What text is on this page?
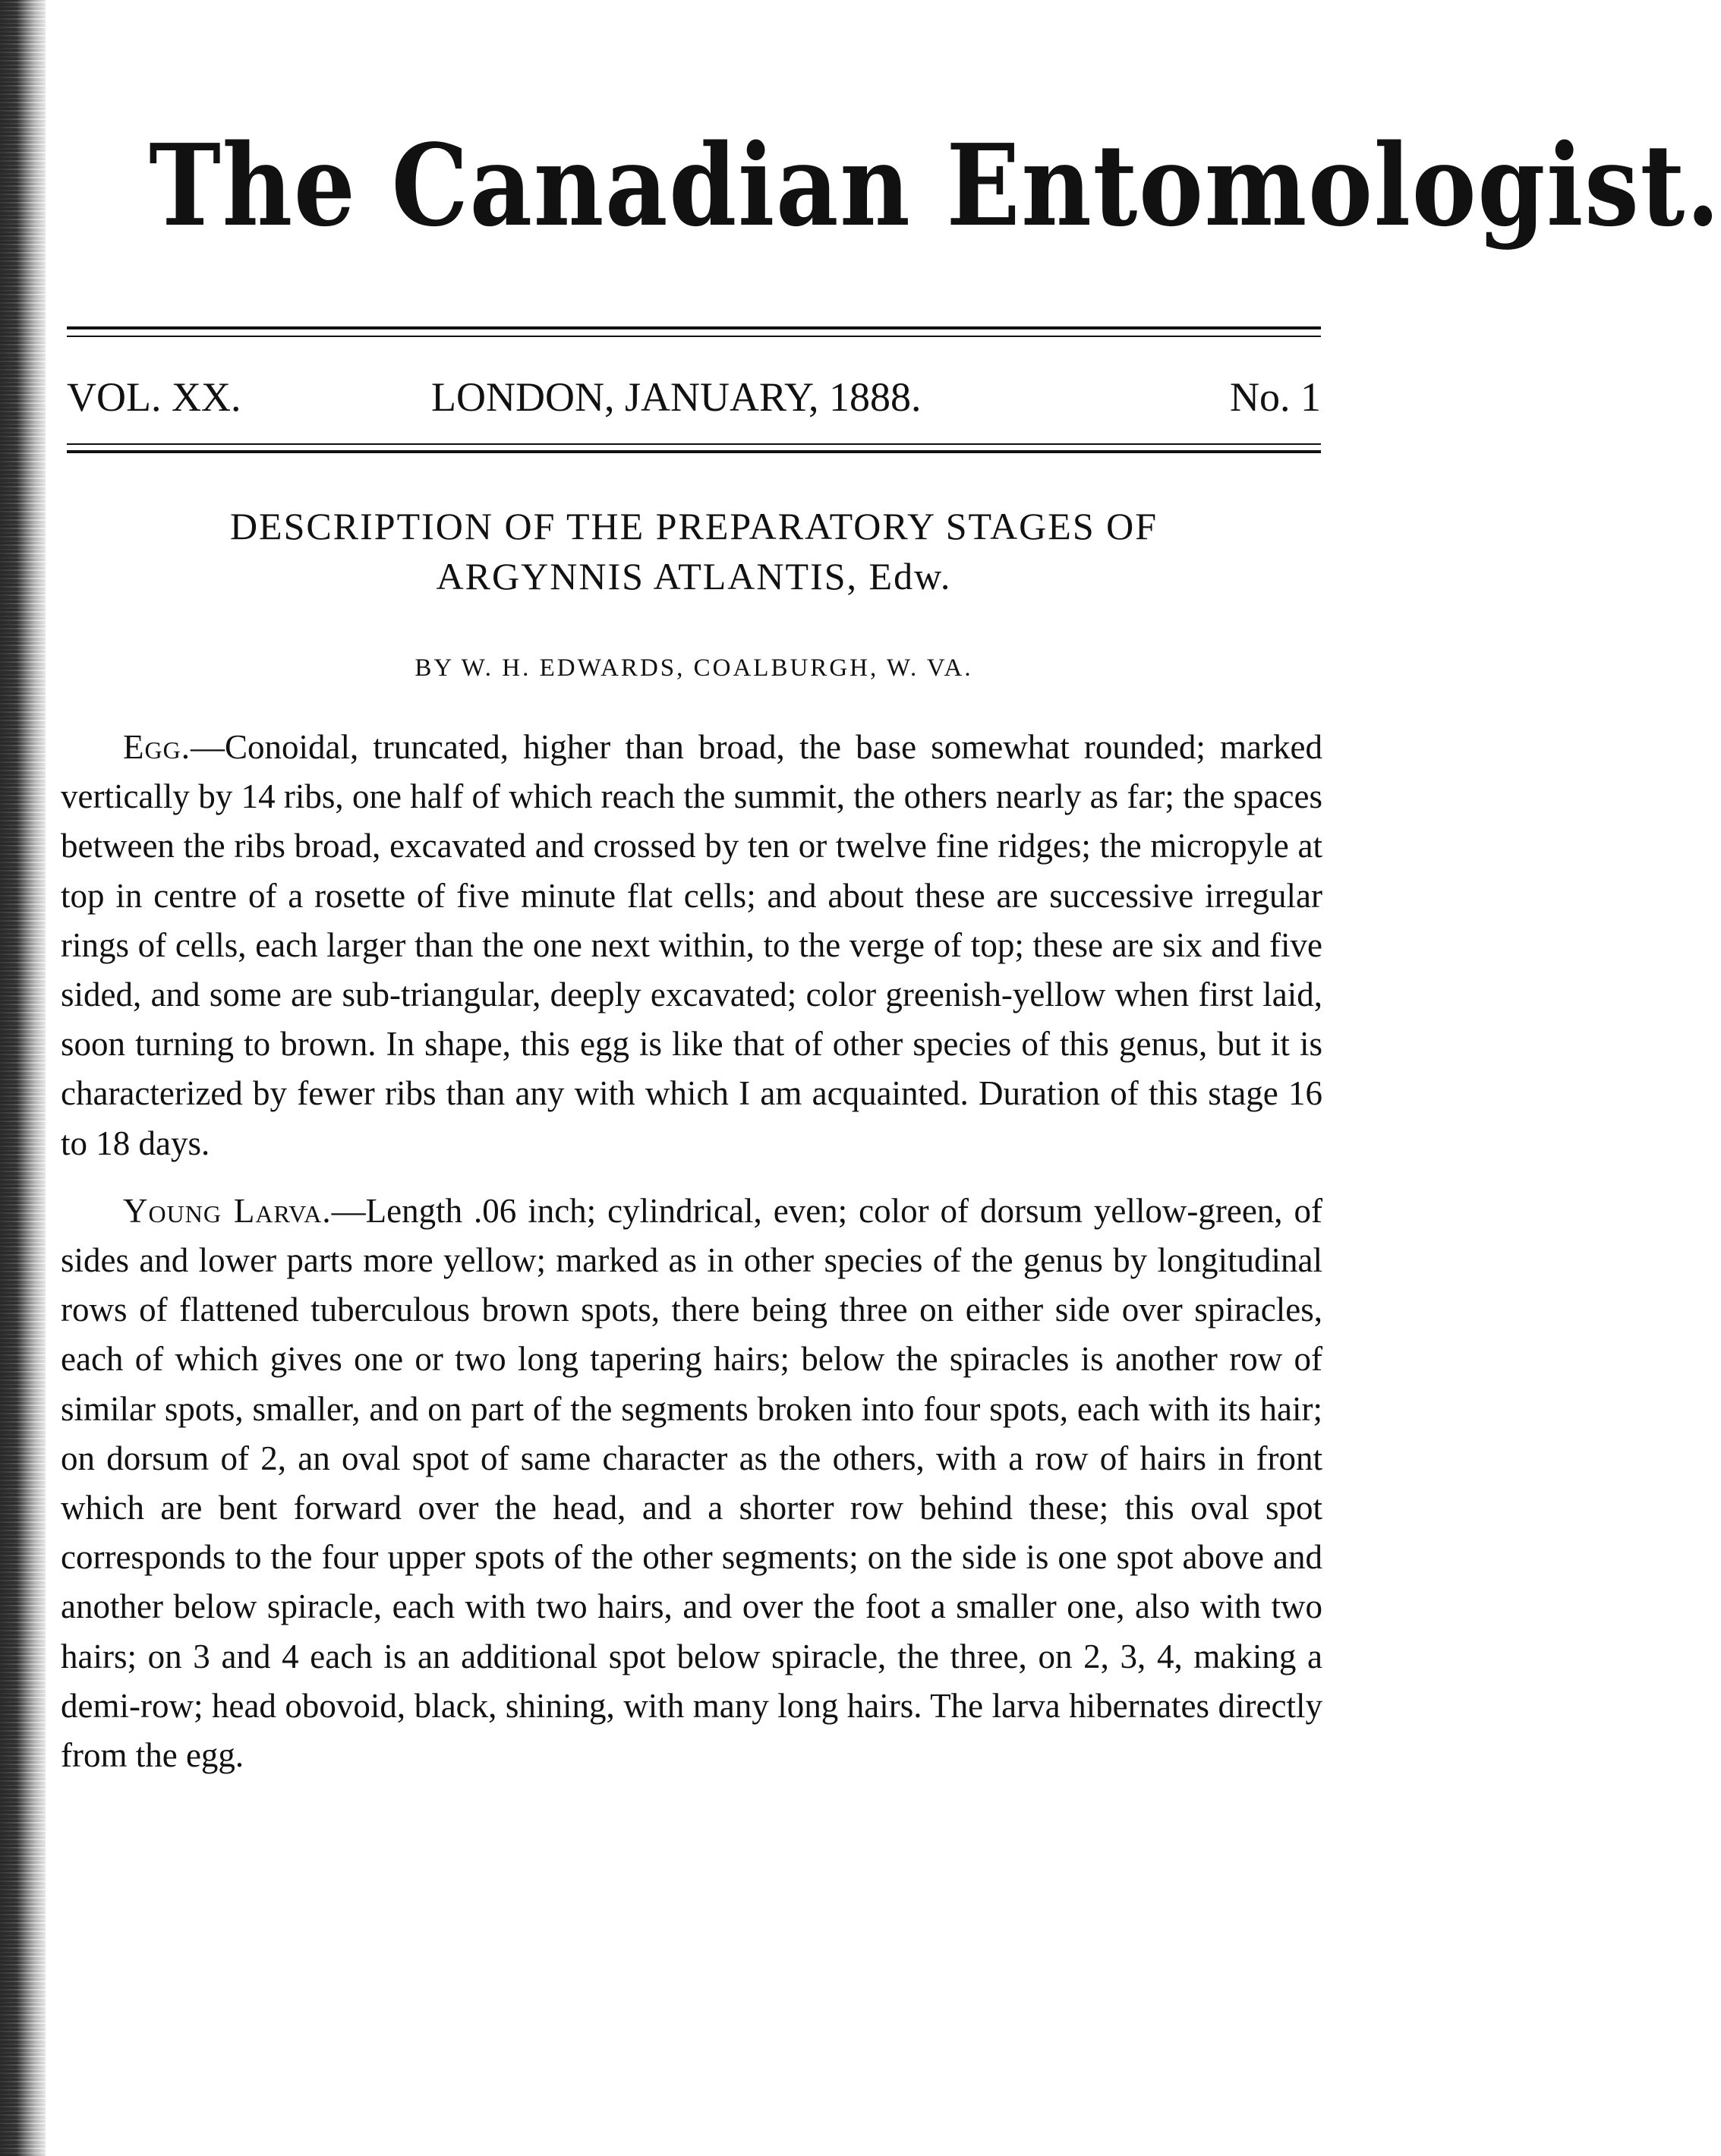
The Canadian Entomologist.
VOL. XX.	LONDON, JANUARY, 1888.	No. 1
DESCRIPTION OF THE PREPARATORY STAGES OF
ARGYNNIS ATLANTIS, Edw.
BY W. H. EDWARDS, COALBURGH, W. VA.

Egg.—Conoidal, truncated, higher than broad, the base somewhat rounded; marked vertically by 14 ribs, one half of which reach the summit, the others nearly as far; the spaces between the ribs broad, excavated and crossed by ten or twelve fine ridges; the micropyle at top in centre of a rosette of five minute flat cells; and about these are successive irregular rings of cells, each larger than the one next within, to the verge of top; these are six and five sided, and some are sub-triangular, deeply excavated; color greenish-yellow when first laid, soon turning to brown. In shape, this egg is like that of other species of this genus, but it is characterized by fewer ribs than any with which I am acquainted. Duration of this stage 16 to 18 days.

Young Larva.—Length .06 inch; cylindrical, even; color of dorsum yellow-green, of sides and lower parts more yellow; marked as in other species of the genus by longitudinal rows of flattened tuberculous brown spots, there being three on either side over spiracles, each of which gives one or two long tapering hairs; below the spiracles is another row of similar spots, smaller, and on part of the segments broken into four spots, each with its hair; on dorsum of 2, an oval spot of same character as the others, with a row of hairs in front which are bent forward over the head, and a shorter row behind these; this oval spot corresponds to the four upper spots of the other segments; on the side is one spot above and another below spiracle, each with two hairs, and over the foot a smaller one, also with two hairs; on 3 and 4 each is an additional spot below spiracle, the three, on 2, 3, 4, making a demi-row; head obovoid, black, shining, with many long hairs. The larva hibernates directly from the egg.
